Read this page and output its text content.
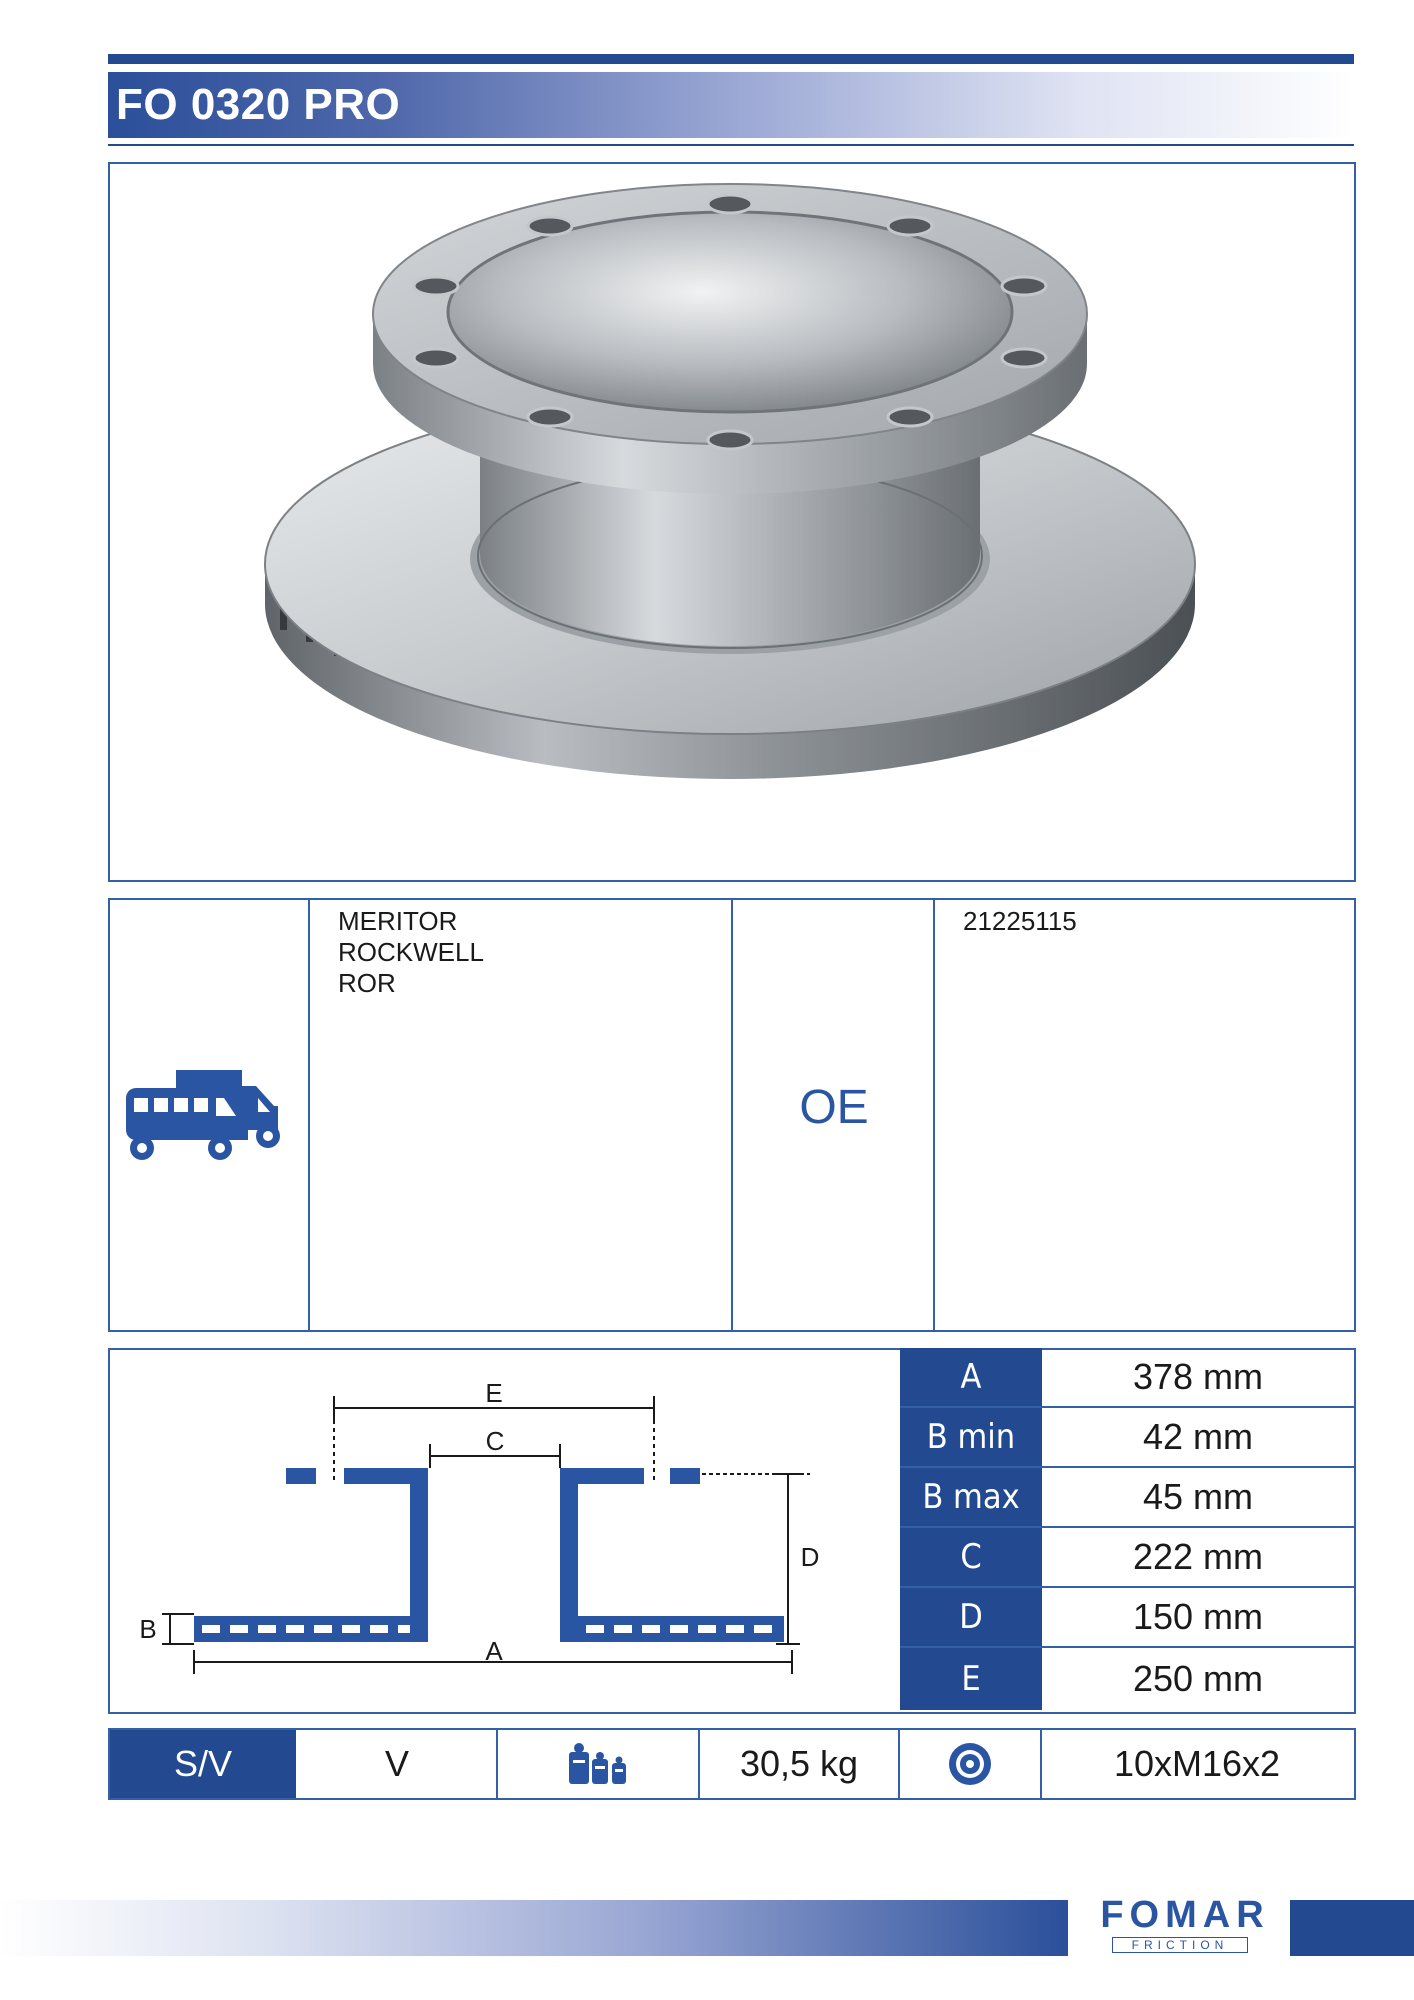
FO 0320 PRO
MERITOR
ROCKWELL
ROR
OE
21225115
E
C
D
A
B
A	378 mm
B min	42 mm
B max	45 mm
C	222 mm
D	150 mm
E	250 mm
S/V	V	30,5 kg	10xM16x2
FOMAR
FRICTION
